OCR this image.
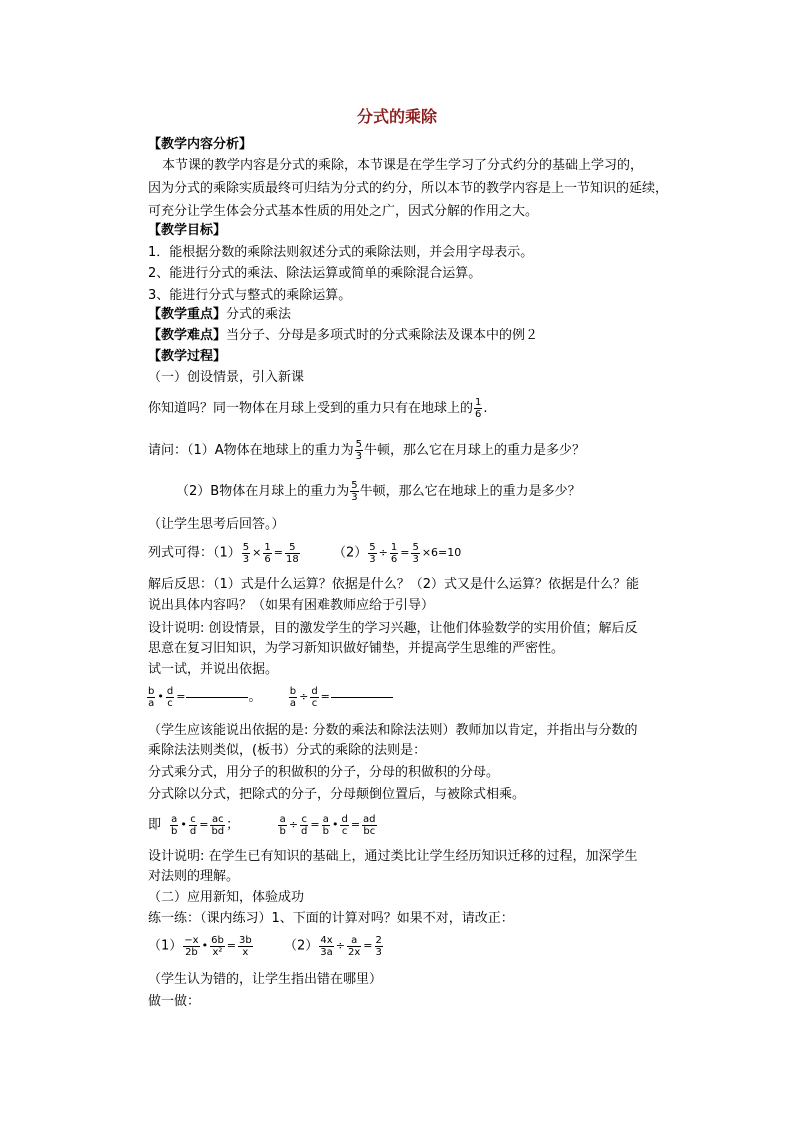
分式的乘除
【教学内容分析】
本节课的教学内容是分式的乘除，本节课是在学生学习了分式约分的基础上学习的，
因为分式的乘除实质最终可归结为分式的约分，所以本节的教学内容是上一节知识的延续，
可充分让学生体会分式基本性质的用处之广，因式分解的作用之大。
【教学目标】
1．能根据分数的乘除法则叙述分式的乘除法则，并会用字母表示。
2、能进行分式的乘法、除法运算或简单的乘除混合运算。
3、能进行分式与整式的乘除运算。
【教学重点】分式的乘法
【教学难点】当分子、分母是多项式时的分式乘除法及课本中的例２
【教学过程】
（一）创设情景，引入新课
你知道吗？同一物体在月球上受到的重力只有在地球上的 $\frac{1}{6}$ .
请问：（1）A物体在地球上的重力为 $\frac{5}{3}$ 牛顿，那么它在月球上的重力是多少？
（2）B物体在月球上的重力为 $\frac{5}{3}$ 牛顿，那么它在地球上的重力是多少？
（让学生思考后回答。）
列式可得：$(1) \frac{5}{3} \times \frac{1}{6} = \frac{5}{18}$	$(2) \frac{5}{3} \div \frac{1}{6} = \frac{5}{3} \times 6=10$
解后反思：（1）式是什么运算？依据是什么？（2）式又是什么运算？依据是什么？能
说出具体内容吗？（如果有困难教师应给于引导）
设计说明: 创设情景，目的激发学生的学习兴趣，让他们体验数学的实用价值；解后反
思意在复习旧知识，为学习新知识做好铺垫，并提高学生思维的严密性。
试一试，并说出依据。
$\frac{b}{a}$ • $\frac{d}{c}$ =	。	$\frac{b}{a} \div \frac{d}{c}$ =
（学生应该能说出依据的是: 分数的乘法和除法法则）教师加以肯定，并指出与分数的
乘除法法则类似，(板书）分式的乘除的法则是：
分式乘分式，用分子的积做积的分子，分母的积做积的分母。
分式除以分式，把除式的分子，分母颠倒位置后，与被除式相乘。
即 $\frac{a}{b}$ • $\frac{c}{d} = \frac{ac}{bd}$ ；	$\frac{a}{b} \div \frac{c}{d} = \frac{a}{b}$ • $\frac{d}{c} = \frac{ad}{bc}$
设计说明: 在学生已有知识的基础上，通过类比让学生经历知识迁移的过程，加深学生
对法则的理解。
（二）应用新知，体验成功
练一练：（课内练习）1、下面的计算对吗？如果不对，请改正：
$(1) \frac{-x}{2b}$ • $\frac{6b}{\text{x²}} = \frac{3b}{x} (2) \frac{4x}{3a} \div \frac{a}{2x} = \frac{2}{3}$
（学生认为错的，让学生指出错在哪里）
做一做：
